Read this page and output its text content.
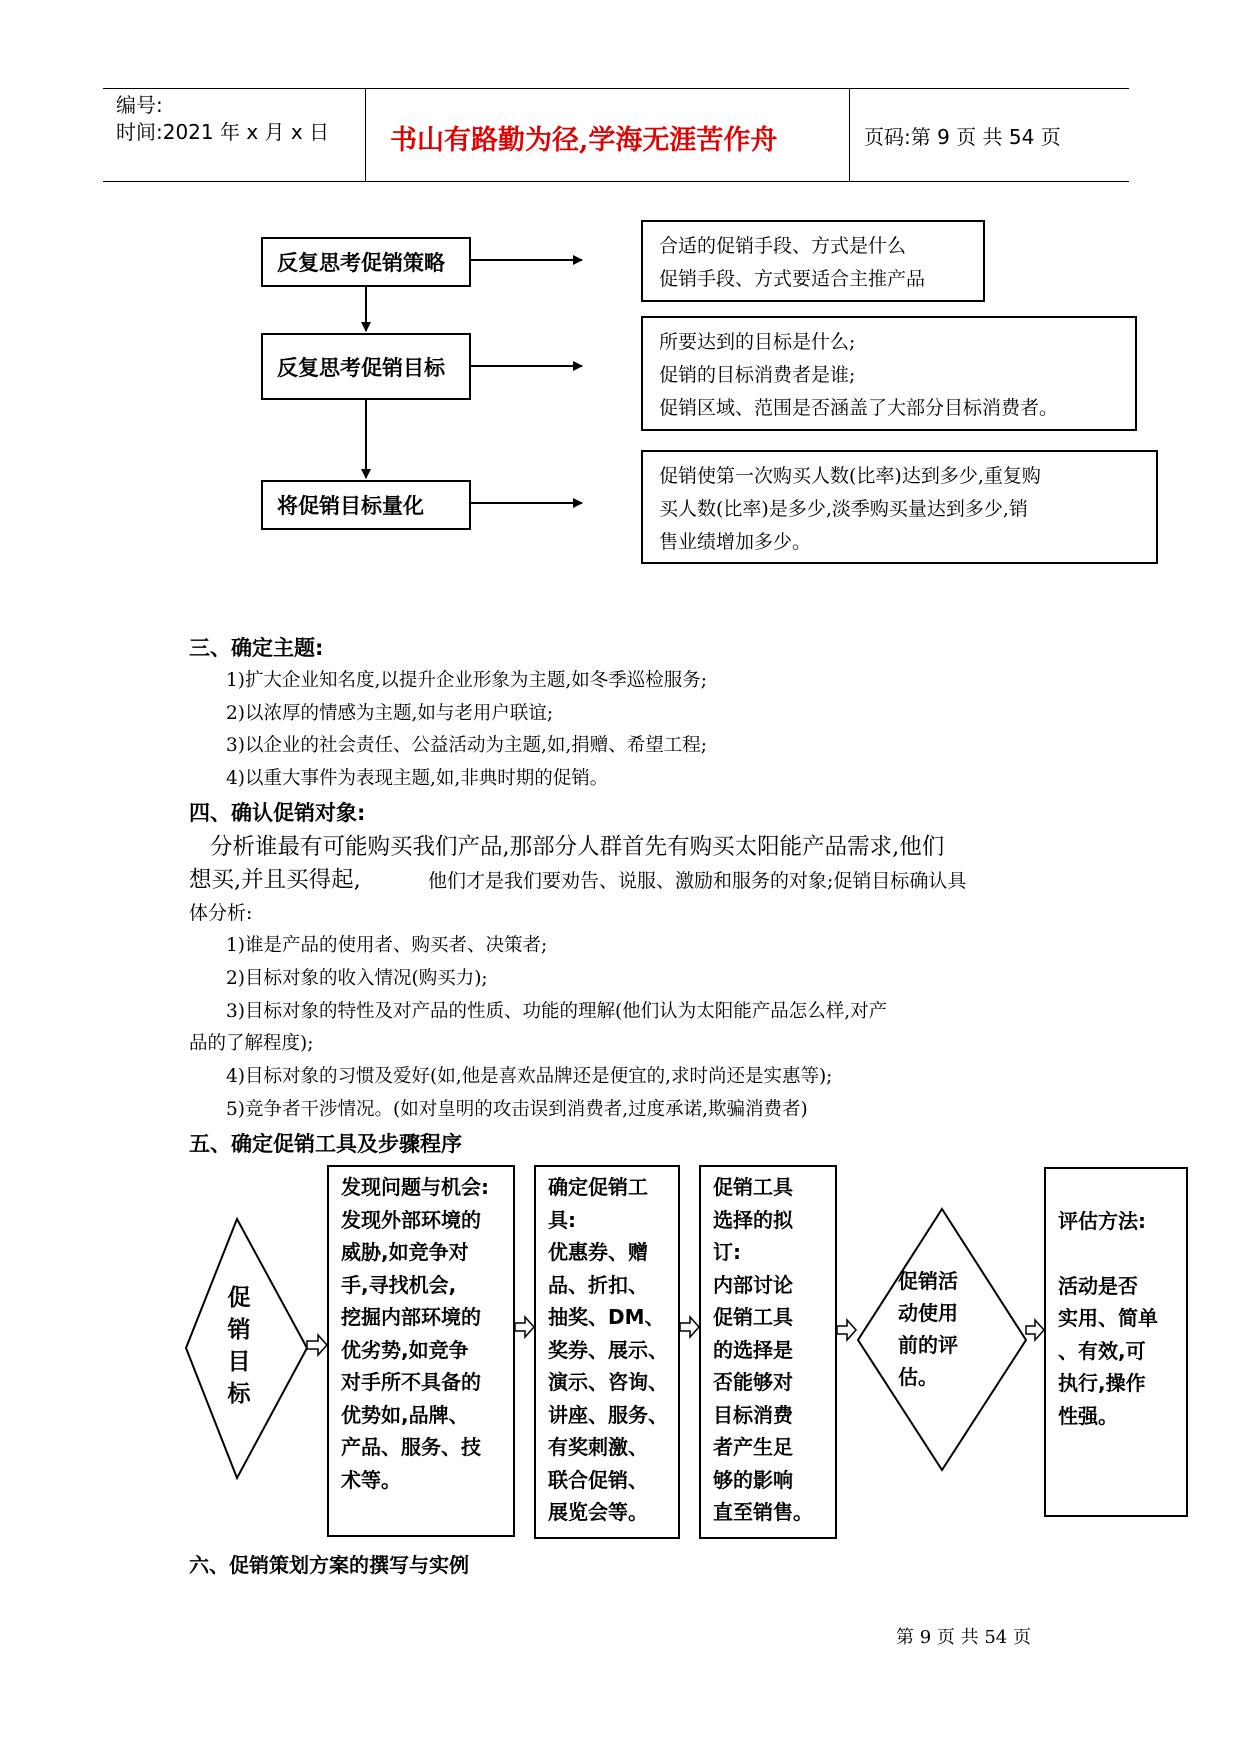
编号:
时间:2021 年 x 月 x 日 书山有路勤为径,学海无涯苦作舟	页码:第 9 页 共 54 页
反复思考促销策略
反复思考促销目标
将促销目标量化
合适的促销手段、方式是什么
促销手段、方式要适合主推产品
所要达到的目标是什么;
促销的目标消费者是谁;
促销区域、范围是否涵盖了大部分目标消费者。
促销使第一次购买人数(比率)达到多少,重复购
买人数(比率)是多少,淡季购买量达到多少,销
售业绩增加多少。
三、确定主题:
1)扩大企业知名度,以提升企业形象为主题,如冬季巡检服务;
2)以浓厚的情感为主题,如与老用户联谊;
3)以企业的社会责任、公益活动为主题,如,捐赠、希望工程;
4)以重大事件为表现主题,如,非典时期的促销。
四、确认促销对象:
分析谁最有可能购买我们产品,那部分人群首先有购买太阳能产品需求,他们
想买,并且买得起,	他们才是我们要劝告、说服、激励和服务的对象;促销目标确认具
体分析:
1)谁是产品的使用者、购买者、决策者;
2)目标对象的收入情况(购买力);
3)目标对象的特性及对产品的性质、功能的理解(他们认为太阳能产品怎么样,对产
品的了解程度);
4)目标对象的习惯及爱好(如,他是喜欢品牌还是便宜的,求时尚还是实惠等);
5)竞争者干涉情况。(如对皇明的攻击误到消费者,过度承诺,欺骗消费者)
五、确定促销工具及步骤程序
促
销
目
标
发现问题与机会:
发现外部环境的
威胁,如竞争对
手,寻找机会,
挖掘内部环境的
优劣势,如竞争
对手所不具备的
优势如,品牌、
产品、服务、技
术等。
确定促销工
具:
优惠券、赠
品、折扣、
抽奖、DM、
奖券、展示、
演示、咨询、
讲座、服务、
有奖刺激、
联合促销、
展览会等。
促销工具
选择的拟
订:
内部讨论
促销工具
的选择是
否能够对
目标消费
者产生足
够的影响
直至销售。
促销活
动使用
前的评
估。
评估方法:
活动是否
实用、简单
、有效,可
执行,操作
性强。
六、促销策划方案的撰写与实例
第 9 页 共 54 页
